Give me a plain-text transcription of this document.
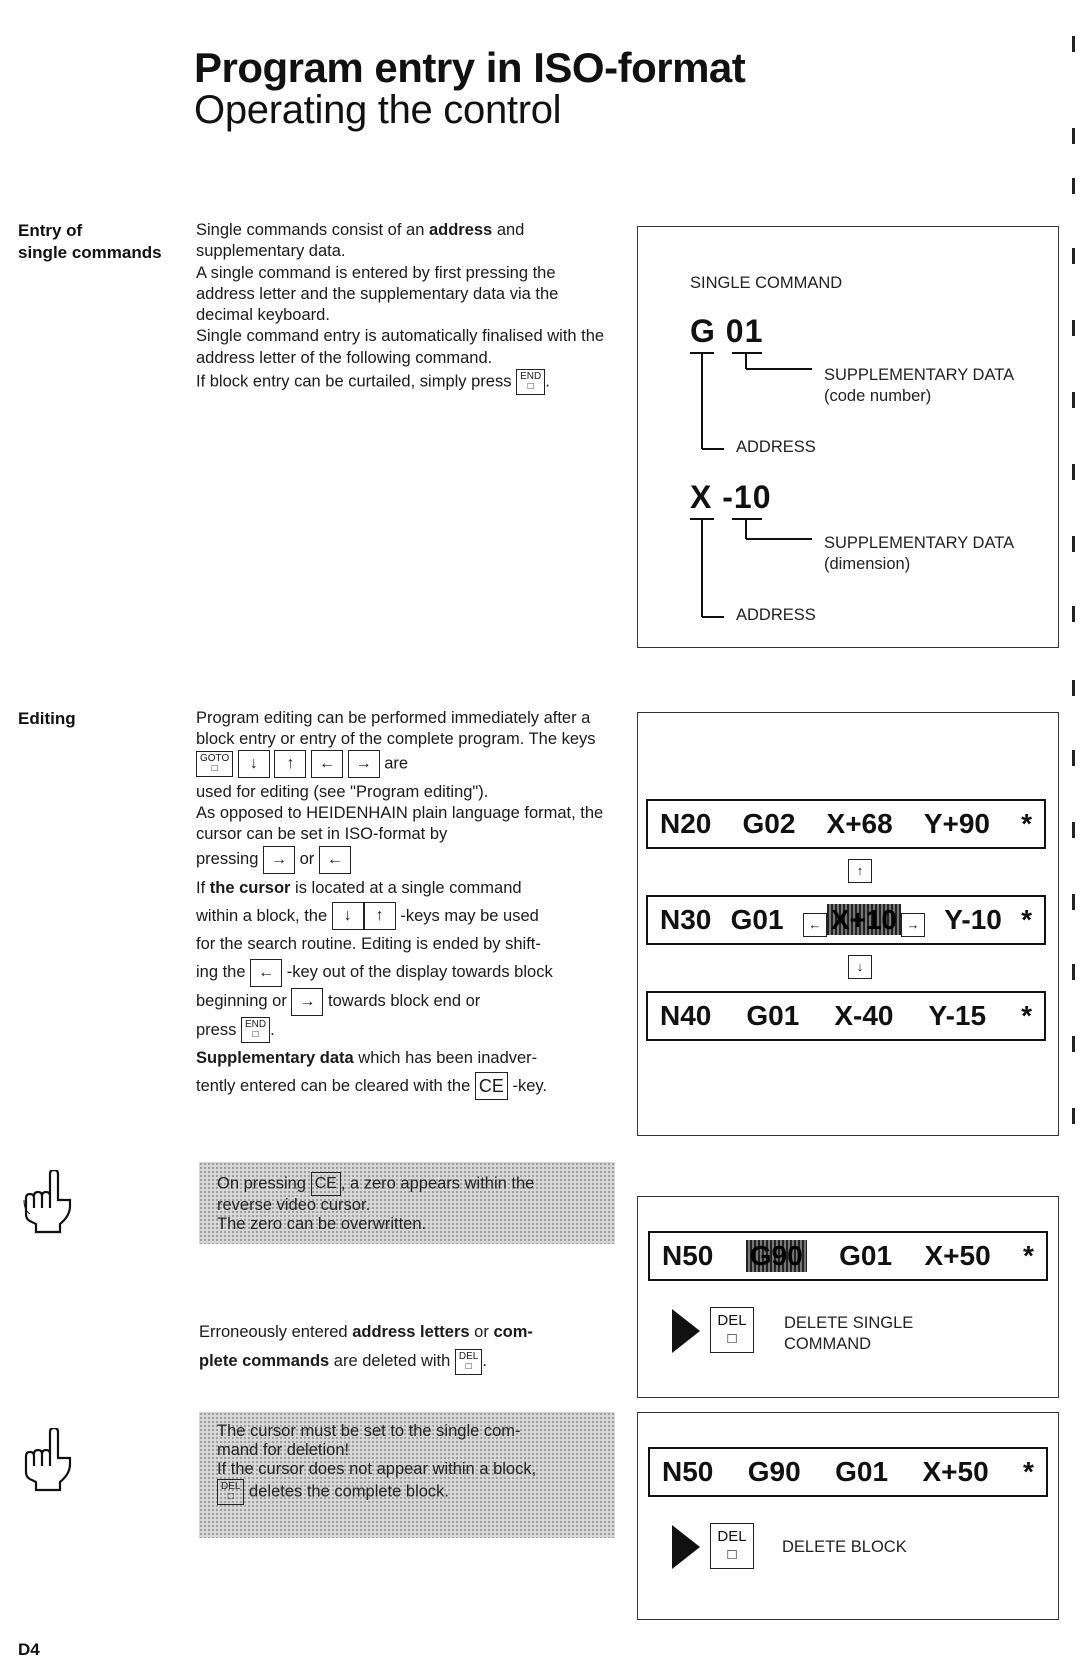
Program entry in ISO-format
Operating the control
Entry of
single commands
Single commands consist of an address and supplementary data.
A single command is entered by first pressing the address letter and the supplementary data via the decimal keyboard.
Single command entry is automatically finalised with the address letter of the following command.
If block entry can be curtailed, simply press END
□ .
SINGLE COMMAND
G 01
SUPPLEMENTARY DATA
(code number)
ADDRESS
X -10
SUPPLEMENTARY DATA
(dimension)
ADDRESS
Editing	Program editing can be performed immediately after a block entry or entry of the complete program. The keys GOTO
□ ↓ ↑ ← → are
used for editing (see "Program editing").
As opposed to HEIDENHAIN plain language format, the cursor can be set in ISO-format by
pressing → or ←
If the cursor is located at a single command
within a block, the ↓ ↑ -keys may be used
for the search routine. Editing is ended by shift-
ing the ← -key out of the display towards block
beginning or → towards block end or
press END
□ .
Supplementary data which has been inadver-
tently entered can be cleared with the CE -key.
N20 G02 X+68 Y+90 *
↑
N30 G01	← X+10 → Y-10 *
↓
N40 G01 X-40 Y-15 *
On pressing CE , a zero appears within the
reverse video cursor.
The zero can be overwritten.
Erroneously entered address letters or com-
plete commands are deleted with DEL
□ .
N50 G90 G01 X+50 *
DEL
□
DELETE SINGLE
COMMAND
The cursor must be set to the single com-
mand for deletion!
If the cursor does not appear within a block,
DEL
□ deletes the complete block.
N50 G90 G01 X+50 *
DEL
□	DELETE BLOCK
D4
